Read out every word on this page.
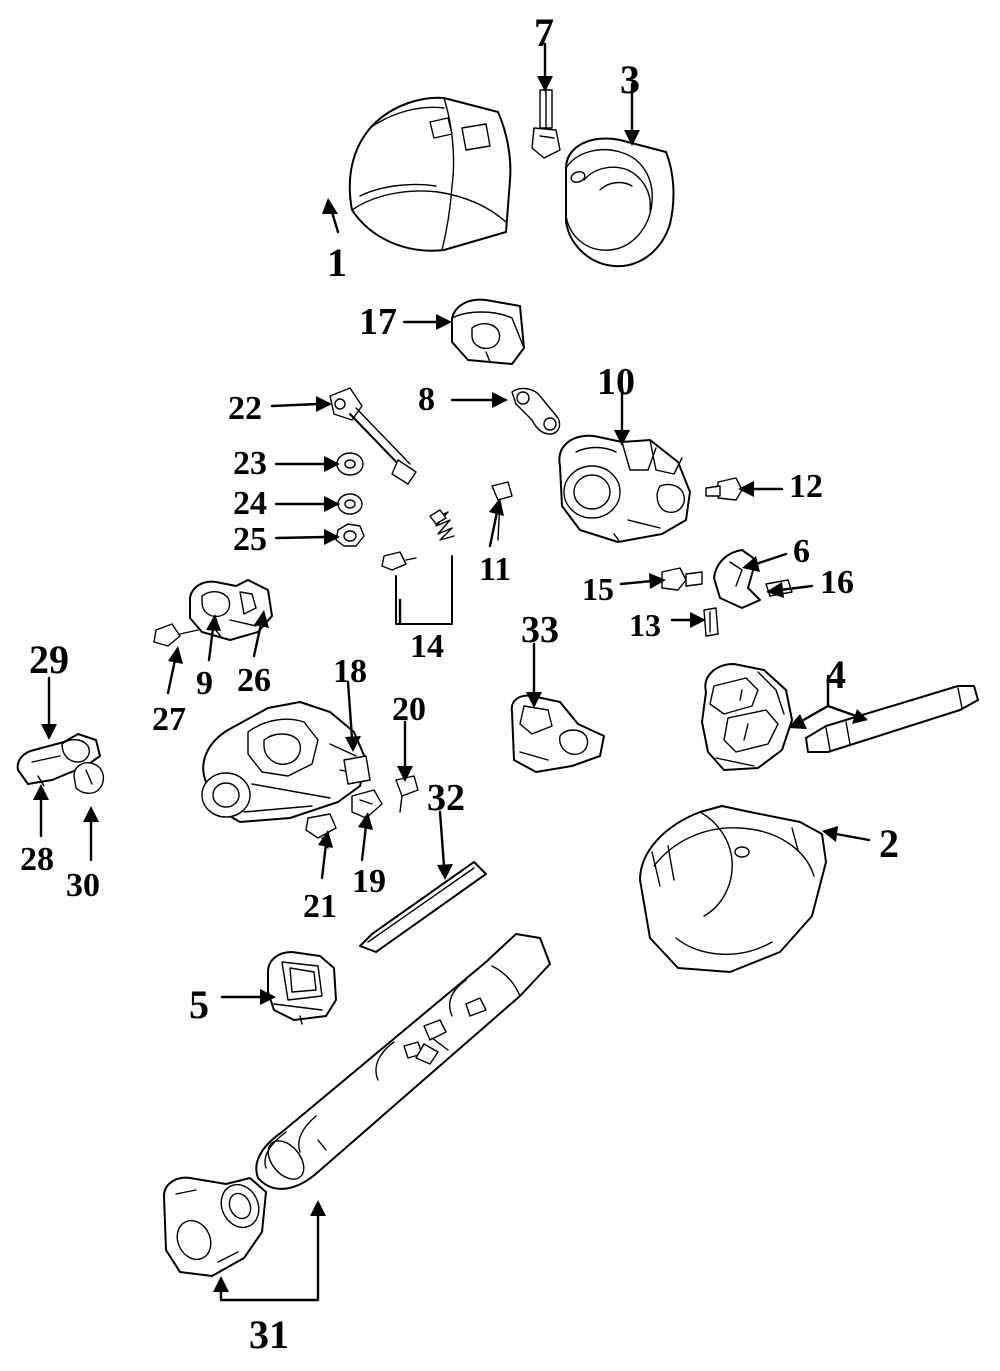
1
2
3
4
5
6
7
8
9
10
11
12
13
14
15	16
17
18
19
20
21
22
23
24
25
26
27
28
29
30
31
32
33
